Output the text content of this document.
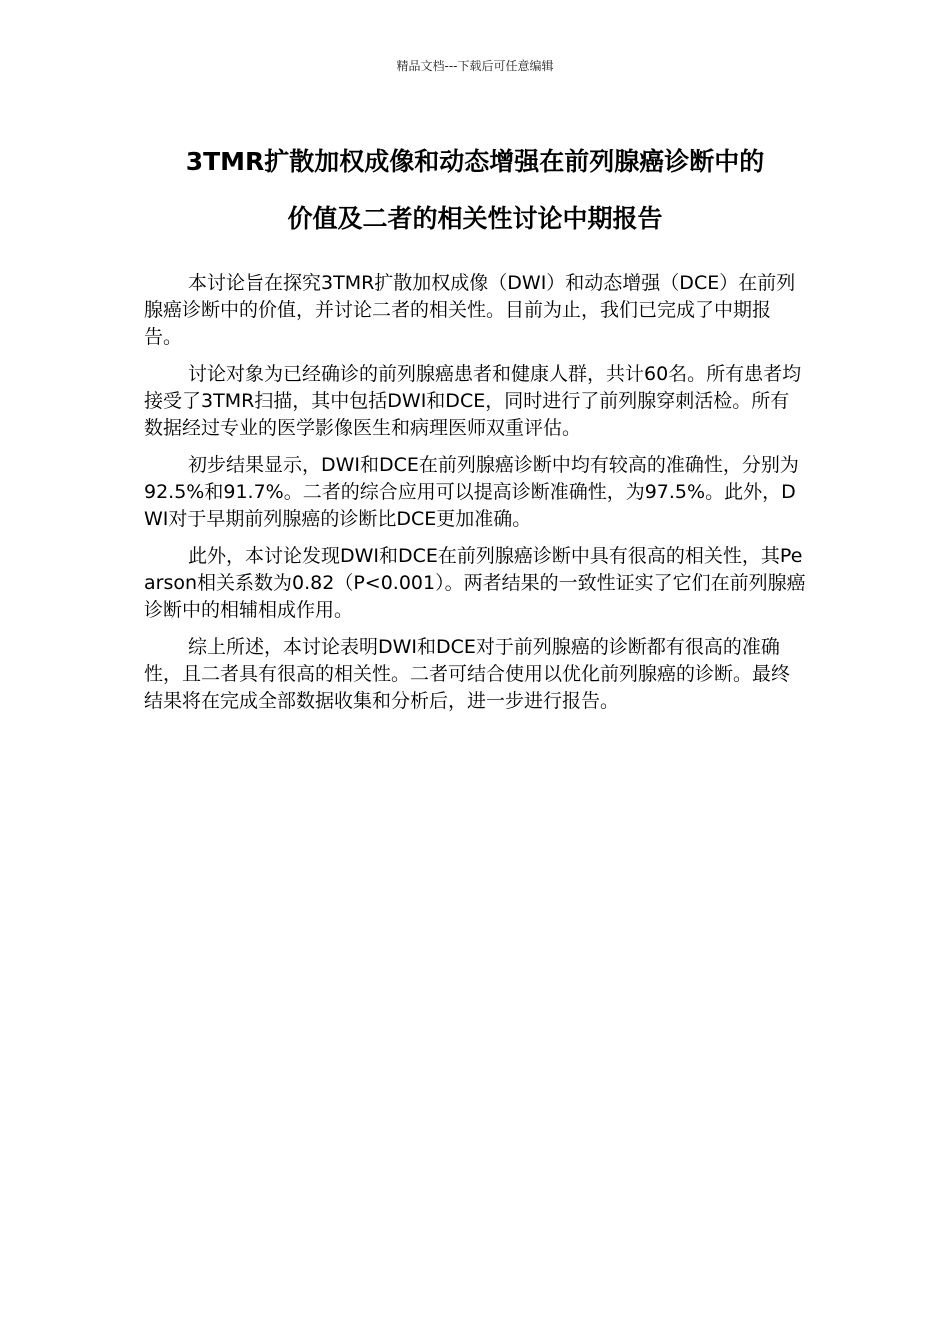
精品文档---下载后可任意编辑
3TMR扩散加权成像和动态增强在前列腺癌诊断中的
价值及二者的相关性讨论中期报告

本讨论旨在探究3TMR扩散加权成像（DWI）和动态增强（DCE）在前列腺癌诊断中的价值，并讨论二者的相关性。目前为止，我们已完成了中期报告。

讨论对象为已经确诊的前列腺癌患者和健康人群，共计60名。所有患者均接受了3TMR扫描，其中包括DWI和DCE，同时进行了前列腺穿刺活检。所有数据经过专业的医学影像医生和病理医师双重评估。

初步结果显示，DWI和DCE在前列腺癌诊断中均有较高的准确性，分别为92.5%和91.7%。二者的综合应用可以提高诊断准确性，为97.5%。此外，DWI对于早期前列腺癌的诊断比DCE更加准确。

此外，本讨论发现DWI和DCE在前列腺癌诊断中具有很高的相关性，其Pearson相关系数为0.82（P<0.001）。两者结果的一致性证实了它们在前列腺癌诊断中的相辅相成作用。

综上所述，本讨论表明DWI和DCE对于前列腺癌的诊断都有很高的准确性，且二者具有很高的相关性。二者可结合使用以优化前列腺癌的诊断。最终结果将在完成全部数据收集和分析后，进一步进行报告。
